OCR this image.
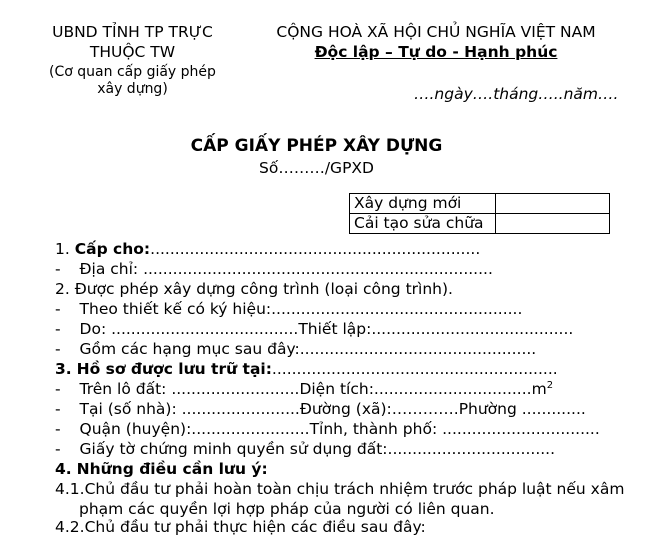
UBND TỈNH TP TRỰC
THUỘC TW
(Cơ quan cấp giấy phép
xây dựng)
CỘNG HOÀ XÃ HỘI CHỦ NGHĨA VIỆT NAM
Độc lập – Tự do - Hạnh phúc
….ngày….tháng…..năm….
CẤP GIẤY PHÉP XÂY DỰNG
Số………/GPXD
Xây dựng mới	
Cải tạo sửa chữa	
1. Cấp cho:...................................................................
- Địa chỉ: .......................................................................
2. Được phép xây dựng công trình (loại công trình).
- Theo thiết kế có ký hiệu:...................................................
- Do: ......................................Thiết lập:.........................................
- Gồm các hạng mục sau đây:................................................
3. Hồ sơ được lưu trữ tại:..........................................................
- Trên lô đất: ..........................Diện $tích:................................m^2$
- Tại (số nhà): ........................Đường (xã):………….Phường .............
- Quận (huyện):........................Tỉnh, thành phố: ................................
- Giấy tờ chứng minh quyền sử dụng đất:..................................
4. Những điều cần lưu ý:
4.1.Chủ đầu tư phải hoàn toàn chịu trách nhiệm trước pháp luật nếu xâm
phạm các quyền lợi hợp pháp của người có liên quan.
4.2.Chủ đầu tư phải thực hiện các điều sau đây:
